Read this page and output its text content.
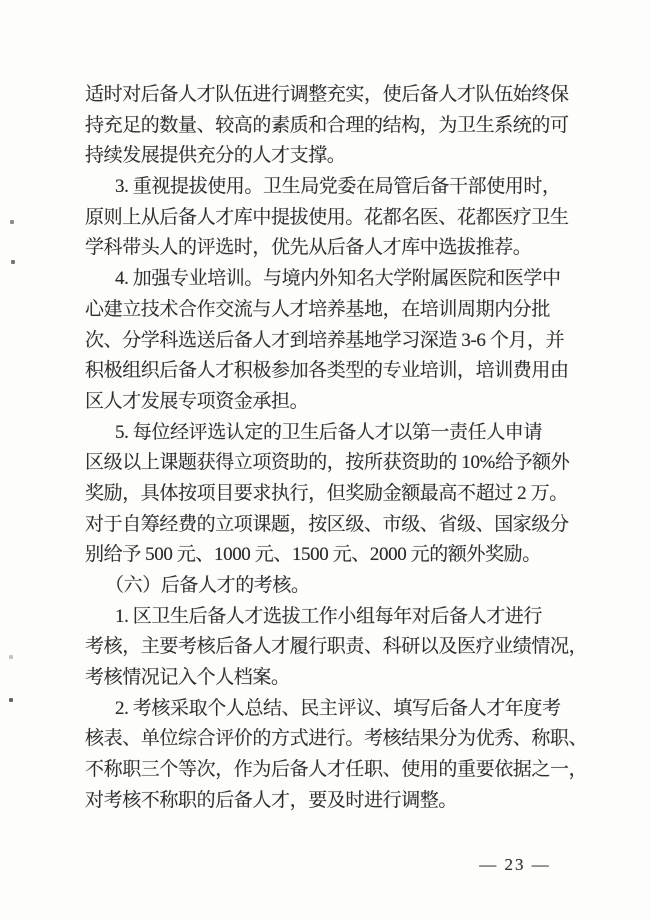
适时对后备人才队伍进行调整充实，使后备人才队伍始终保
持充足的数量、较高的素质和合理的结构，为卫生系统的可
持续发展提供充分的人才支撑。
3. 重视提拔使用。卫生局党委在局管后备干部使用时，
原则上从后备人才库中提拔使用。花都名医、花都医疗卫生
学科带头人的评选时，优先从后备人才库中选拔推荐。
4. 加强专业培训。与境内外知名大学附属医院和医学中
心建立技术合作交流与人才培养基地，在培训周期内分批
次、分学科选送后备人才到培养基地学习深造 3-6 个月，并
积极组织后备人才积极参加各类型的专业培训，培训费用由
区人才发展专项资金承担。
5. 每位经评选认定的卫生后备人才以第一责任人申请
区级以上课题获得立项资助的，按所获资助的 10%给予额外
奖励，具体按项目要求执行，但奖励金额最高不超过 2 万。
对于自筹经费的立项课题，按区级、市级、省级、国家级分
别给予 500 元、1000 元、1500 元、2000 元的额外奖励。
（六）后备人才的考核。
1. 区卫生后备人才选拔工作小组每年对后备人才进行
考核，主要考核后备人才履行职责、科研以及医疗业绩情况，
考核情况记入个人档案。
2. 考核采取个人总结、民主评议、填写后备人才年度考
核表、单位综合评价的方式进行。考核结果分为优秀、称职、
不称职三个等次，作为后备人才任职、使用的重要依据之一，
对考核不称职的后备人才，要及时进行调整。
— 23 —
